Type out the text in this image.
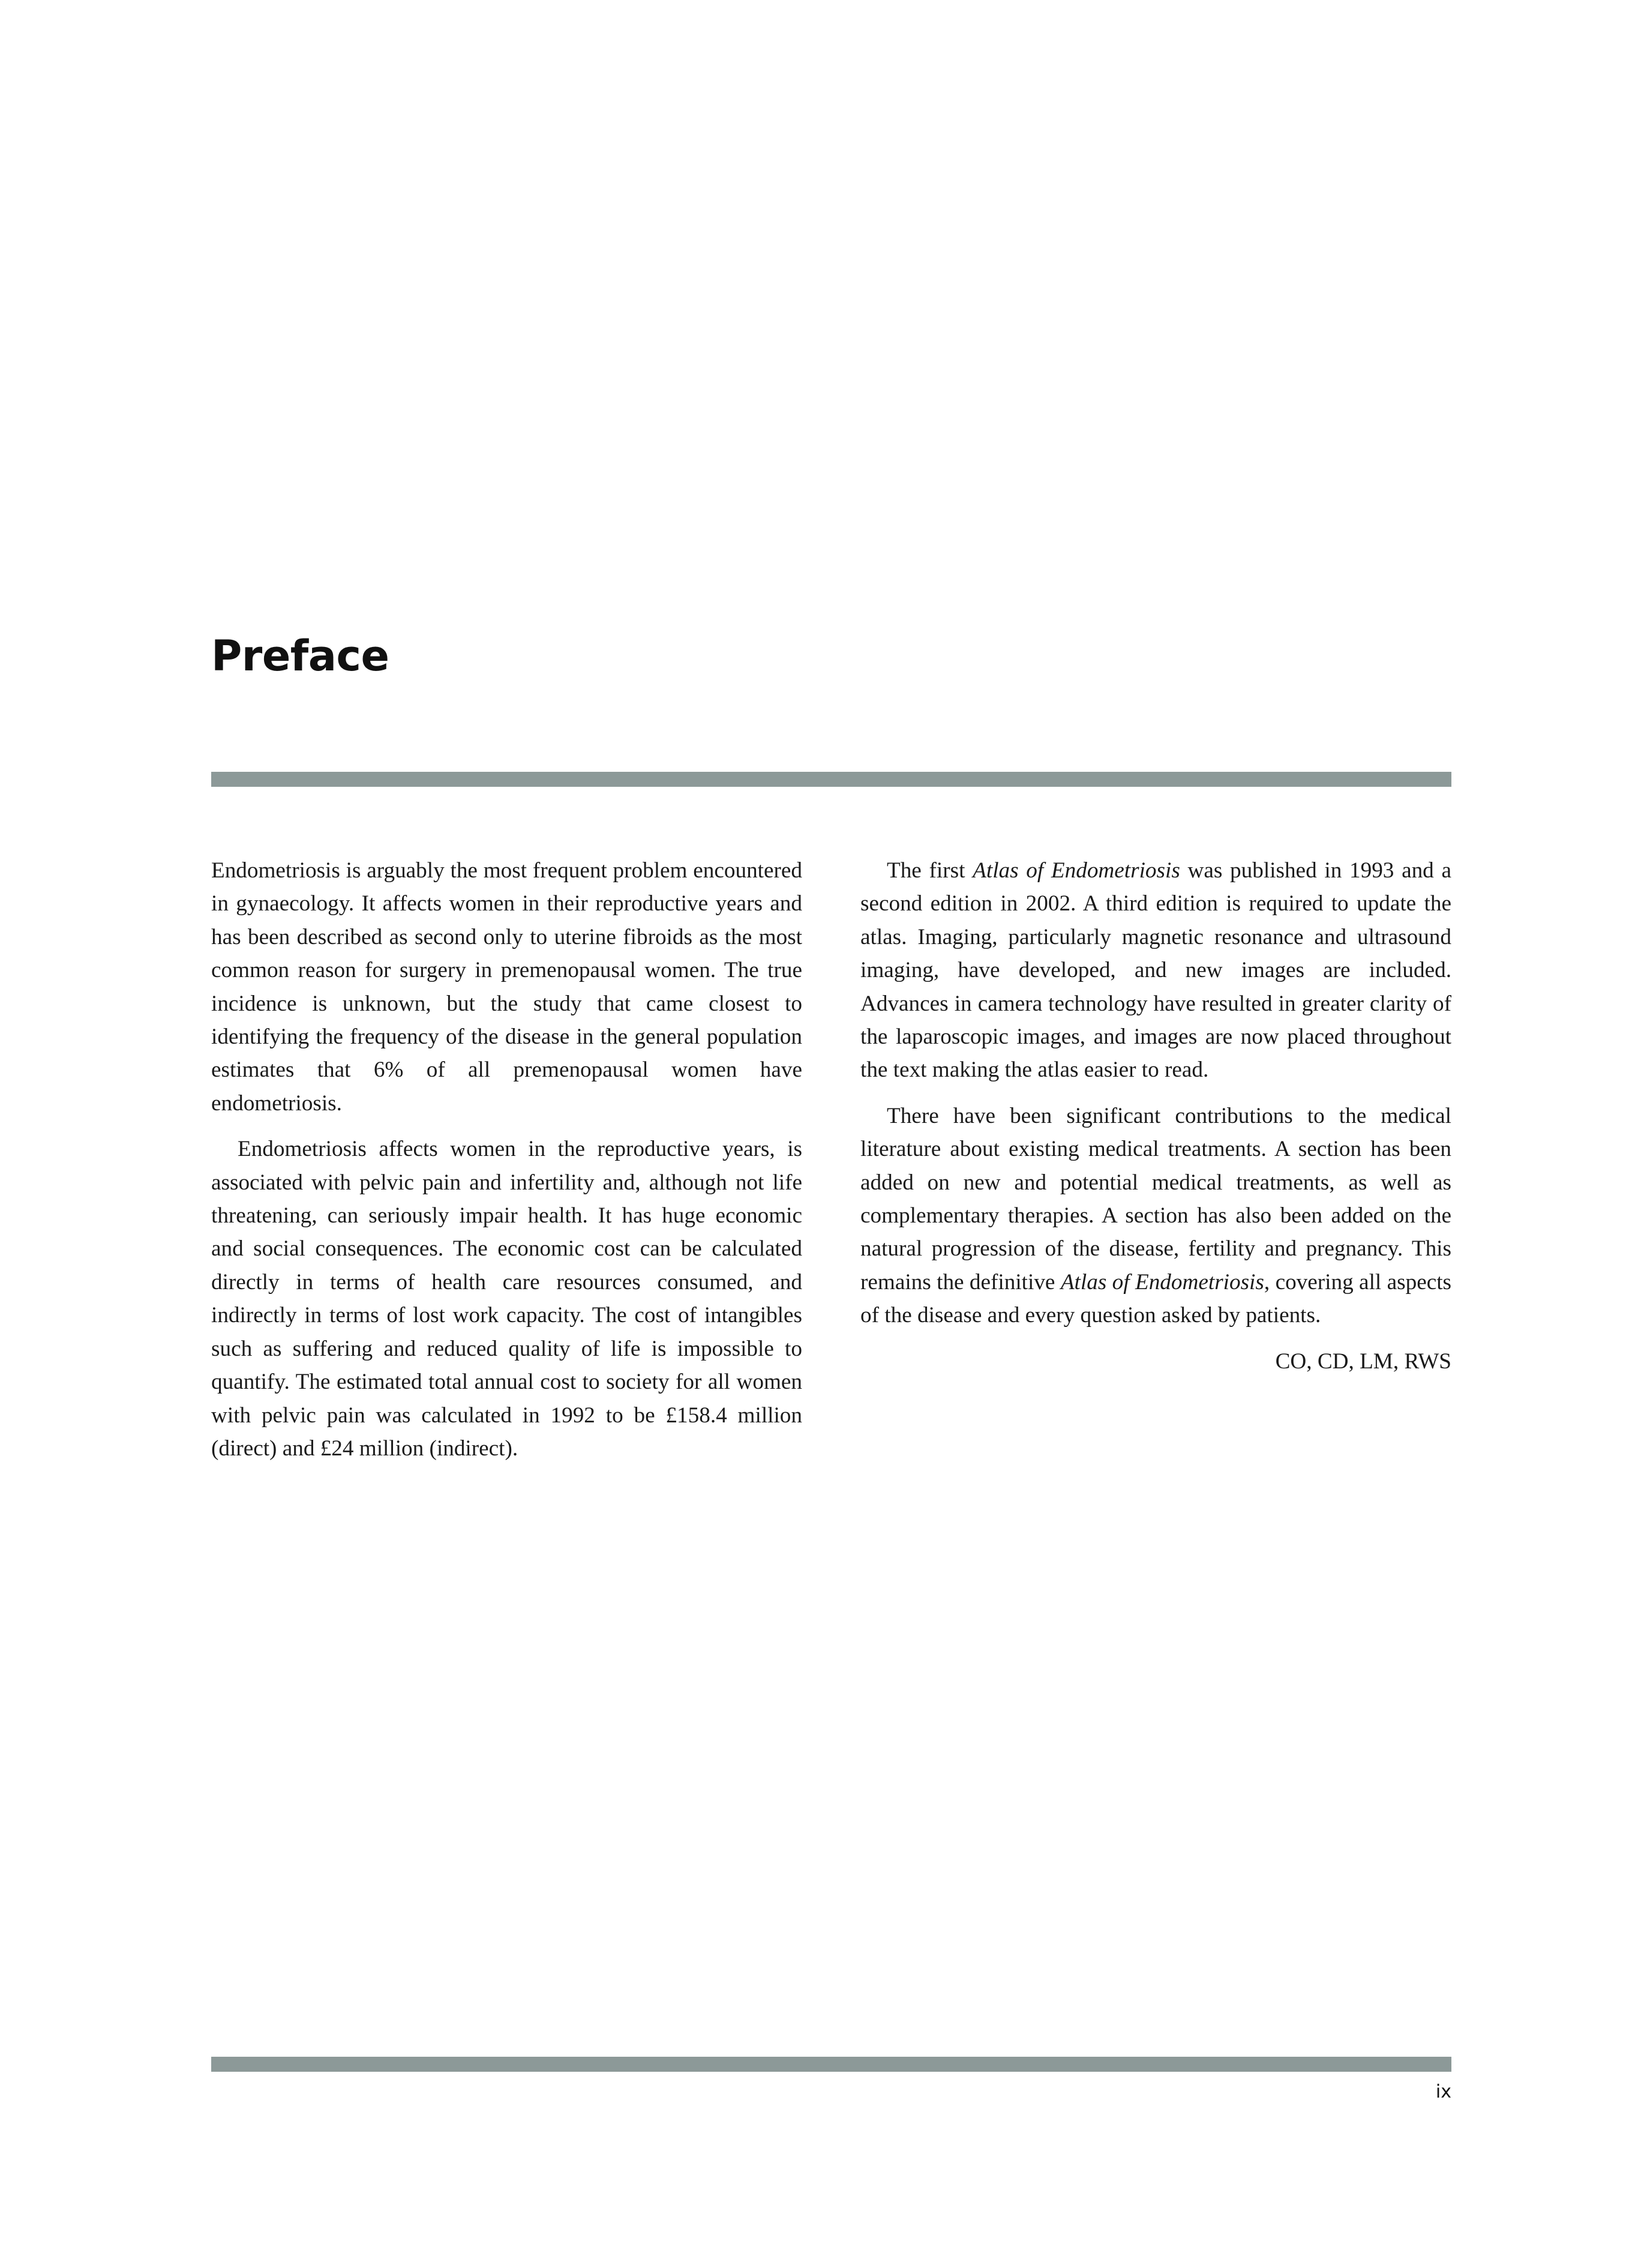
Preface

Endometriosis is arguably the most frequent problem encountered in gynaecology. It affects women in their reproductive years and has been described as second only to uterine fibroids as the most common reason for surgery in premenopausal women. The true incidence is unknown, but the study that came closest to identifying the frequency of the disease in the general population estimates that 6% of all premenopausal women have endometriosis.

Endometriosis affects women in the reproductive years, is associated with pelvic pain and infertility and, although not life threatening, can seriously impair health. It has huge economic and social consequences. The economic cost can be calculated directly in terms of health care resources consumed, and indirectly in terms of lost work capacity. The cost of intangibles such as suffering and reduced quality of life is impossible to quantify. The estimated total annual cost to society for all women with pelvic pain was calculated in 1992 to be £158.4 million (direct) and £24 million (indirect).

The first Atlas of Endometriosis was published in 1993 and a second edition in 2002. A third edition is required to update the atlas. Imaging, particularly magnetic resonance and ultrasound imaging, have developed, and new images are included. Advances in camera technology have resulted in greater clarity of the laparoscopic images, and images are now placed throughout the text making the atlas easier to read.

There have been significant contributions to the medical literature about existing medical treatments. A section has been added on new and potential medical treatments, as well as complementary therapies. A section has also been added on the natural progression of the disease, fertility and pregnancy. This remains the definitive Atlas of Endometriosis, covering all aspects of the disease and every question asked by patients.

CO, CD, LM, RWS

ix
